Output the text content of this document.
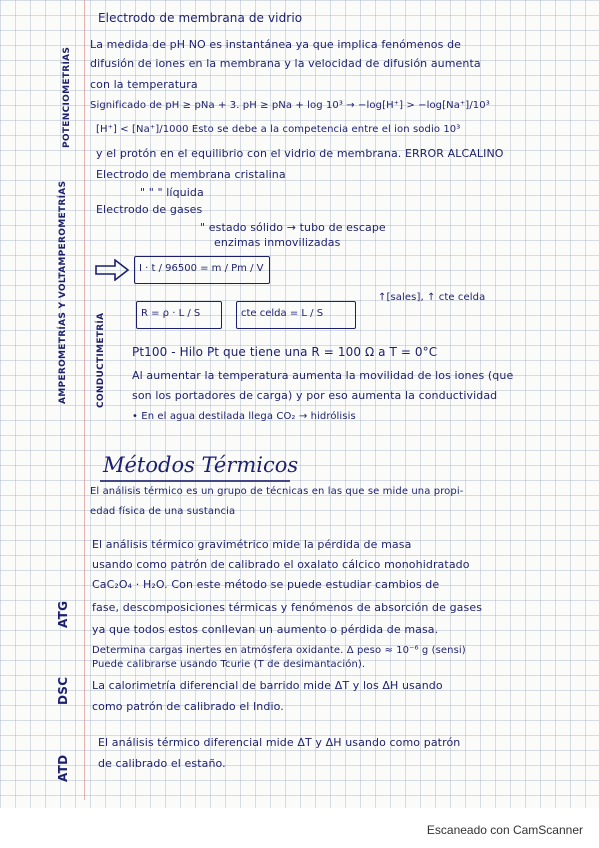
POTENCIOMETRÍAS
AMPEROMETRÍAS Y VOLTAMPEROMETRÍAS	CONDUCTIMETRÍA
ATG
DSC
ATD
Electrodo de membrana de vidrio
La medida de pH NO es instantánea ya que implica fenómenos de
difusión de iones en la membrana y la velocidad de difusión aumenta
con la temperatura
Significado de pH ≥ pNa + 3. pH ≥ pNa + log 10³ → −log[H⁺] > −log[Na⁺]/10³
[H⁺] < [Na⁺]/1000 Esto se debe a la competencia entre el ion sodio 10³
y el protón en el equilibrio con el vidrio de membrana. ERROR ALCALINO
Electrodo de membrana cristalina
" " " líquida
Electrodo de gases
" estado sólido → tubo de escape
enzimas inmovilizadas
I · t / 96500 = m / Pm / V
R = ρ · L / S	cte celda = L / S
↑[sales], ↑ cte celda
Pt100 - Hilo Pt que tiene una R = 100 Ω a T = 0°C
Al aumentar la temperatura aumenta la movilidad de los iones (que
son los portadores de carga) y por eso aumenta la conductividad
• En el agua destilada llega CO₂ → hidrólisis
Métodos Térmicos
El análisis térmico es un grupo de técnicas en las que se mide una propi-
edad física de una sustancia
El análisis térmico gravimétrico mide la pérdida de masa
usando como patrón de calibrado el oxalato cálcico monohidratado
CaC₂O₄ · H₂O. Con este método se puede estudiar cambios de
fase, descomposiciones térmicas y fenómenos de absorción de gases
ya que todos estos conllevan un aumento o pérdida de masa.
Determina cargas inertes en atmósfera oxidante. Δ peso ≈ 10⁻⁶ g (sensi)
Puede calibrarse usando Tcurie (T de desimantación).
La calorimetría diferencial de barrido mide ΔT y los ΔH usando
como patrón de calibrado el Indio.
El análisis térmico diferencial mide ΔT y ΔH usando como patrón
de calibrado el estaño.
Escaneado con CamScanner
